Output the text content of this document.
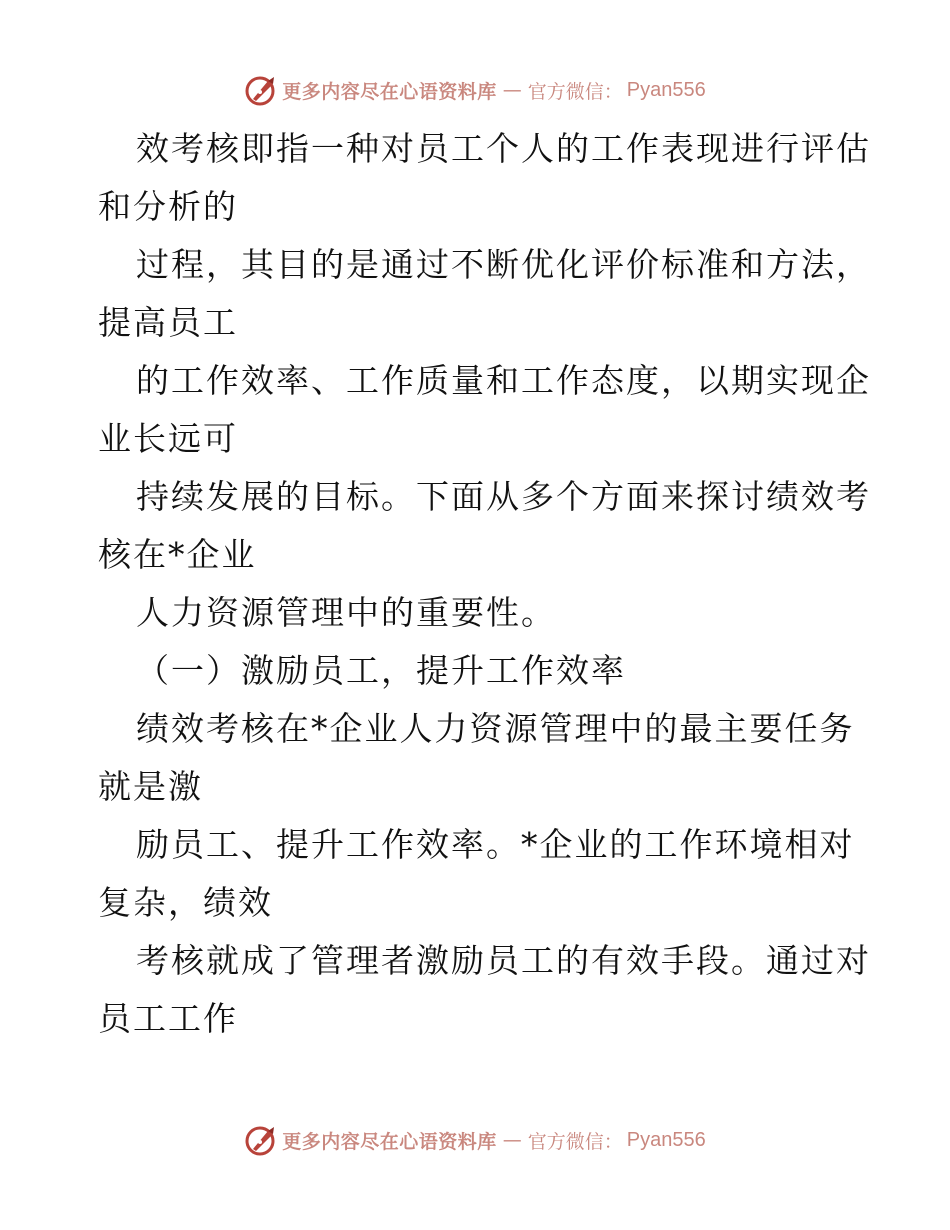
更多内容尽在心语资料库 — 官方微信： Pyan556
效考核即指一种对员工个人的工作表现进行评估
和分析的
过程，其目的是通过不断优化评价标准和方法，
提高员工
的工作效率、工作质量和工作态度，以期实现企
业长远可
持续发展的目标。下面从多个方面来探讨绩效考
核在*企业
人力资源管理中的重要性。
（一）激励员工，提升工作效率
绩效考核在*企业人力资源管理中的最主要任务
就是激
励员工、提升工作效率。*企业的工作环境相对
复杂，绩效
考核就成了管理者激励员工的有效手段。通过对
员工工作
更多内容尽在心语资料库 — 官方微信： Pyan556
